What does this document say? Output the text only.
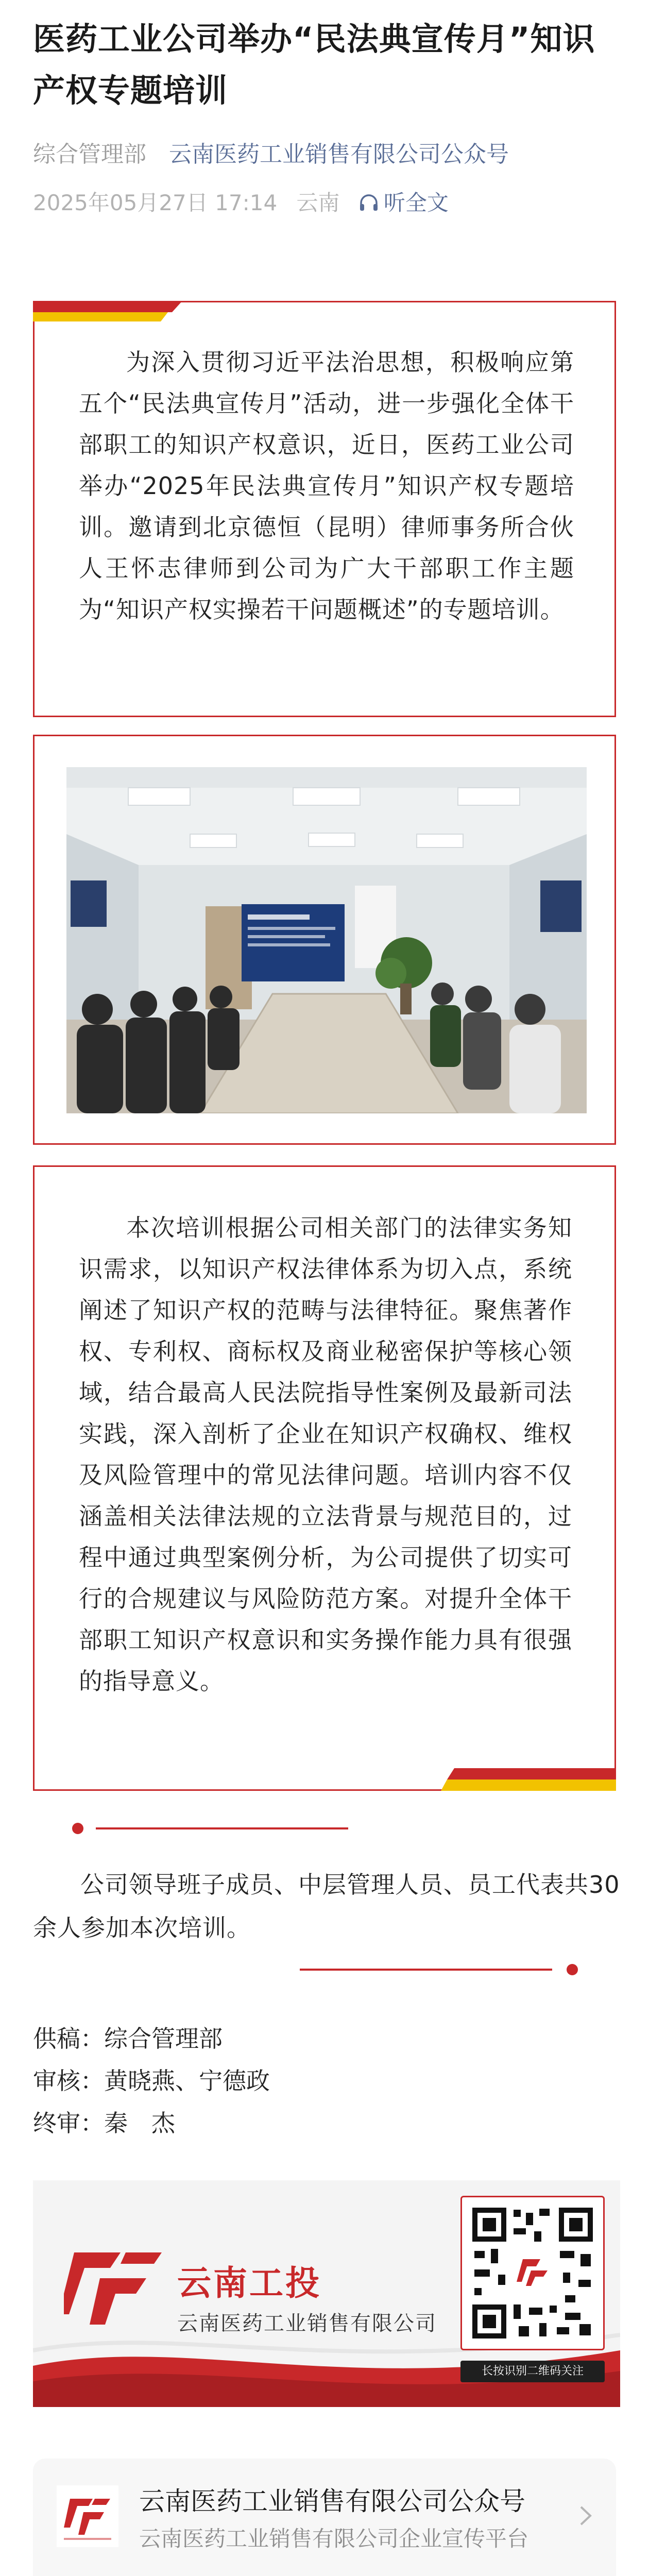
医药工业公司举办“民法典宣传月”知识产权专题培训
综合管理部 云南医药工业销售有限公司公众号
2025年05月27日 17:14 云南 听全文

为深入贯彻习近平法治思想，积极响应第五个“民法典宣传月”活动，进一步强化全体干部职工的知识产权意识，近日，医药工业公司举办“2025年民法典宣传月”知识产权专题培训。邀请到北京德恒（昆明）律师事务所合伙人王怀志律师到公司为广大干部职工作主题为“知识产权实操若干问题概述”的专题培训。

本次培训根据公司相关部门的法律实务知识需求，以知识产权法律体系为切入点，系统阐述了知识产权的范畴与法律特征。聚焦著作权、专利权、商标权及商业秘密保护等核心领域，结合最高人民法院指导性案例及最新司法实践，深入剖析了企业在知识产权确权、维权及风险管理中的常见法律问题。培训内容不仅涵盖相关法律法规的立法背景与规范目的，过程中通过典型案例分析，为公司提供了切实可行的合规建议与风险防范方案。对提升全体干部职工知识产权意识和实务操作能力具有很强的指导意义。

公司领导班子成员、中层管理人员、员工代表共30余人参加本次培训。

供稿：综合管理部
审核：黄晓燕、宁德政
终审：秦　杰
云南工投
云南医药工业销售有限公司
长按识别二维码关注
云南医药工业销售有限公司公众号
云南医药工业销售有限公司企业宣传平台
